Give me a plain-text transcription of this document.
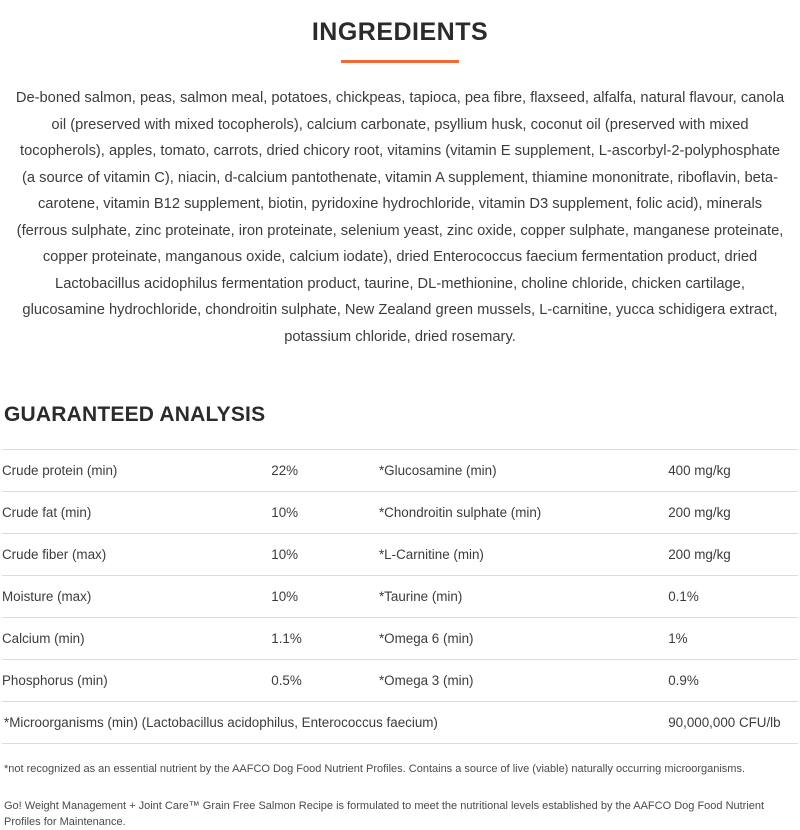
INGREDIENTS

De-boned salmon, peas, salmon meal, potatoes, chickpeas, tapioca, pea fibre, flaxseed, alfalfa, natural flavour, canola oil (preserved with mixed tocopherols), calcium carbonate, psyllium husk, coconut oil (preserved with mixed tocopherols), apples, tomato, carrots, dried chicory root, vitamins (vitamin E supplement, L-ascorbyl-2-polyphosphate (a source of vitamin C), niacin, d-calcium pantothenate, vitamin A supplement, thiamine mononitrate, riboflavin, beta-carotene, vitamin B12 supplement, biotin, pyridoxine hydrochloride, vitamin D3 supplement, folic acid), minerals (ferrous sulphate, zinc proteinate, iron proteinate, selenium yeast, zinc oxide, copper sulphate, manganese proteinate, copper proteinate, manganous oxide, calcium iodate), dried Enterococcus faecium fermentation product, dried Lactobacillus acidophilus fermentation product, taurine, DL-methionine, choline chloride, chicken cartilage, glucosamine hydrochloride, chondroitin sulphate, New Zealand green mussels, L-carnitine, yucca schidigera extract, potassium chloride, dried rosemary.

GUARANTEED ANALYSIS
Crude protein (min)	22%	*Glucosamine (min)	400 mg/kg
Crude fat (min)	10%	*Chondroitin sulphate (min)	200 mg/kg
Crude fiber (max)	10%	*L-Carnitine (min)	200 mg/kg
Moisture (max)	10%	*Taurine (min)	0.1%
Calcium (min)	1.1%	*Omega 6 (min)	1%
Phosphorus (min)	0.5%	*Omega 3 (min)	0.9%
*Microorganisms (min) (Lactobacillus acidophilus, Enterococcus faecium)			90,000,000 CFU/lb

*not recognized as an essential nutrient by the AAFCO Dog Food Nutrient Profiles. Contains a source of live (viable) naturally occurring microorganisms.

Go! Weight Management + Joint Care™ Grain Free Salmon Recipe is formulated to meet the nutritional levels established by the AAFCO Dog Food Nutrient Profiles for Maintenance.
